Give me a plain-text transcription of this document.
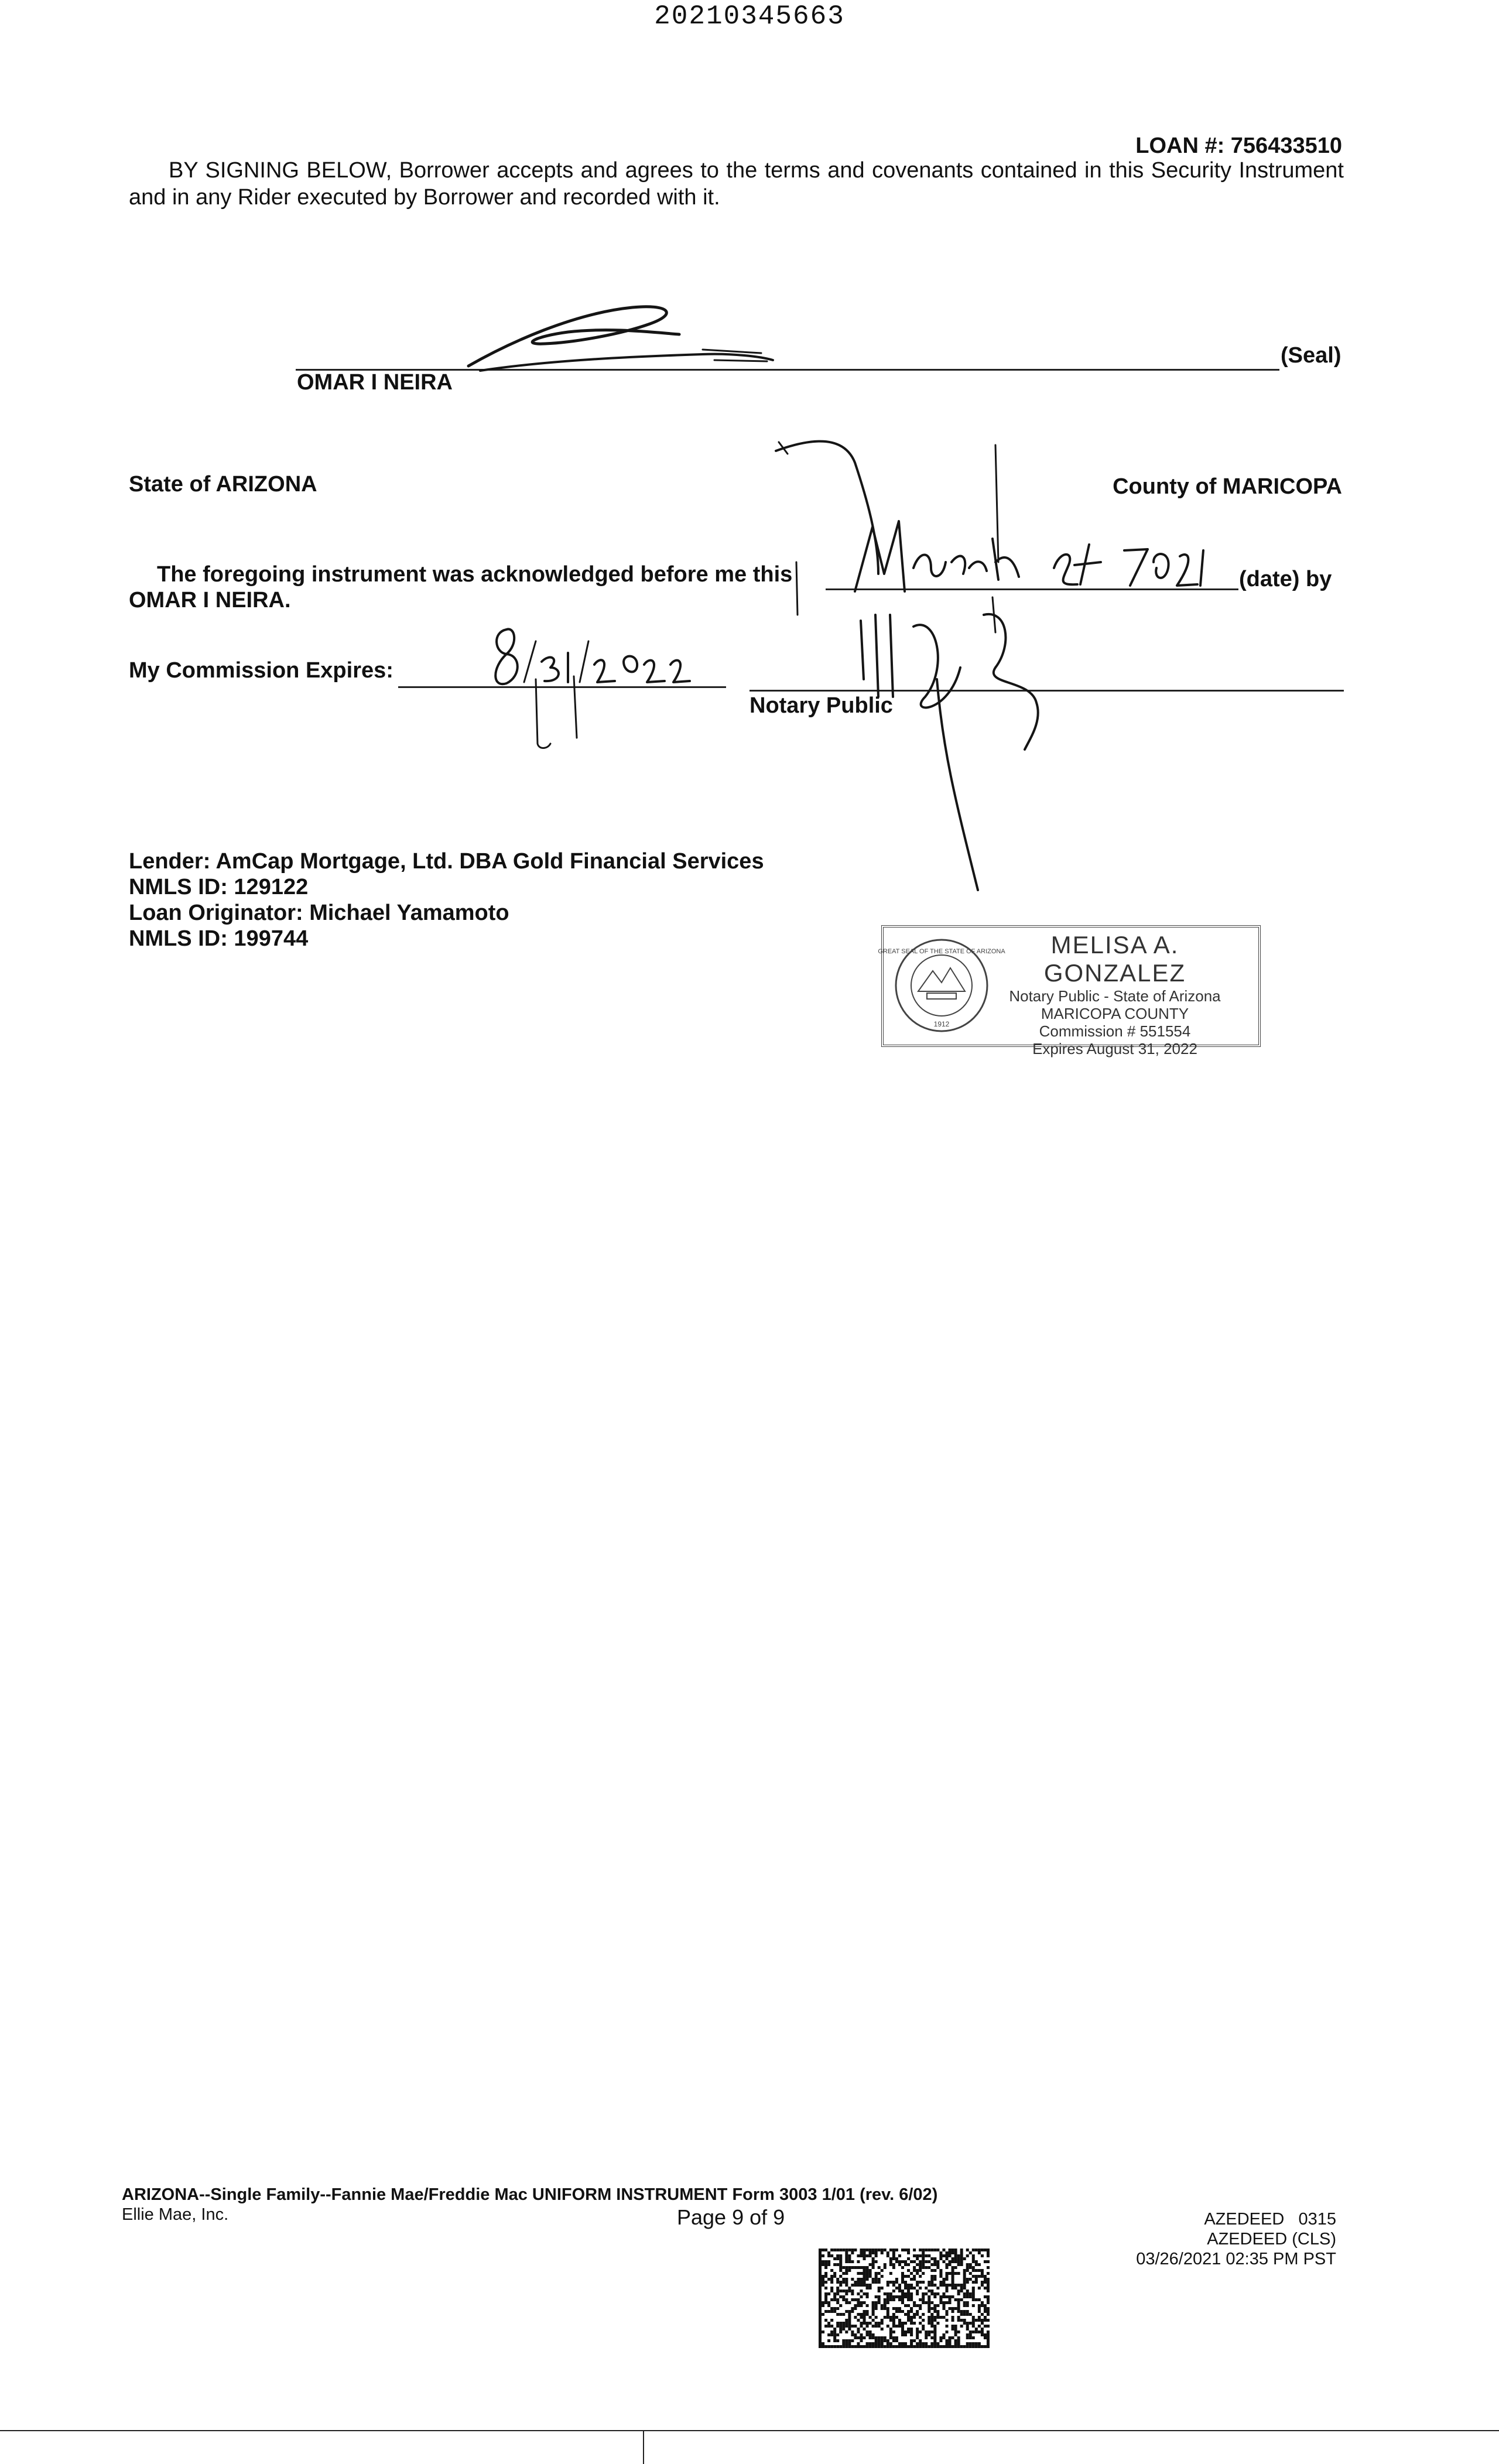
20210345663
LOAN #: 756433510
BY SIGNING BELOW, Borrower accepts and agrees to the terms and covenants contained in this Security Instrument and in any Rider executed by Borrower and recorded with it.
OMAR I NEIRA
(Seal)
State of ARIZONA	County of MARICOPA
The foregoing instrument was acknowledged before me this	(date) by
OMAR I NEIRA.
My Commission Expires:
Notary Public
Lender: AmCap Mortgage, Ltd. DBA Gold Financial Services
NMLS ID: 129122
Loan Originator: Michael Yamamoto
NMLS ID: 199744
GREAT SEAL OF THE STATE OF ARIZONA
1912
MELISA A. GONZALEZ
Notary Public - State of Arizona
MARICOPA COUNTY
Commission # 551554
Expires August 31, 2022
ARIZONA--Single Family--Fannie Mae/Freddie Mac UNIFORM INSTRUMENT Form 3003 1/01 (rev. 6/02)
Ellie Mae, Inc.	Page 9 of 9	AZEDEED   0315
AZEDEED (CLS)
03/26/2021 02:35 PM PST
